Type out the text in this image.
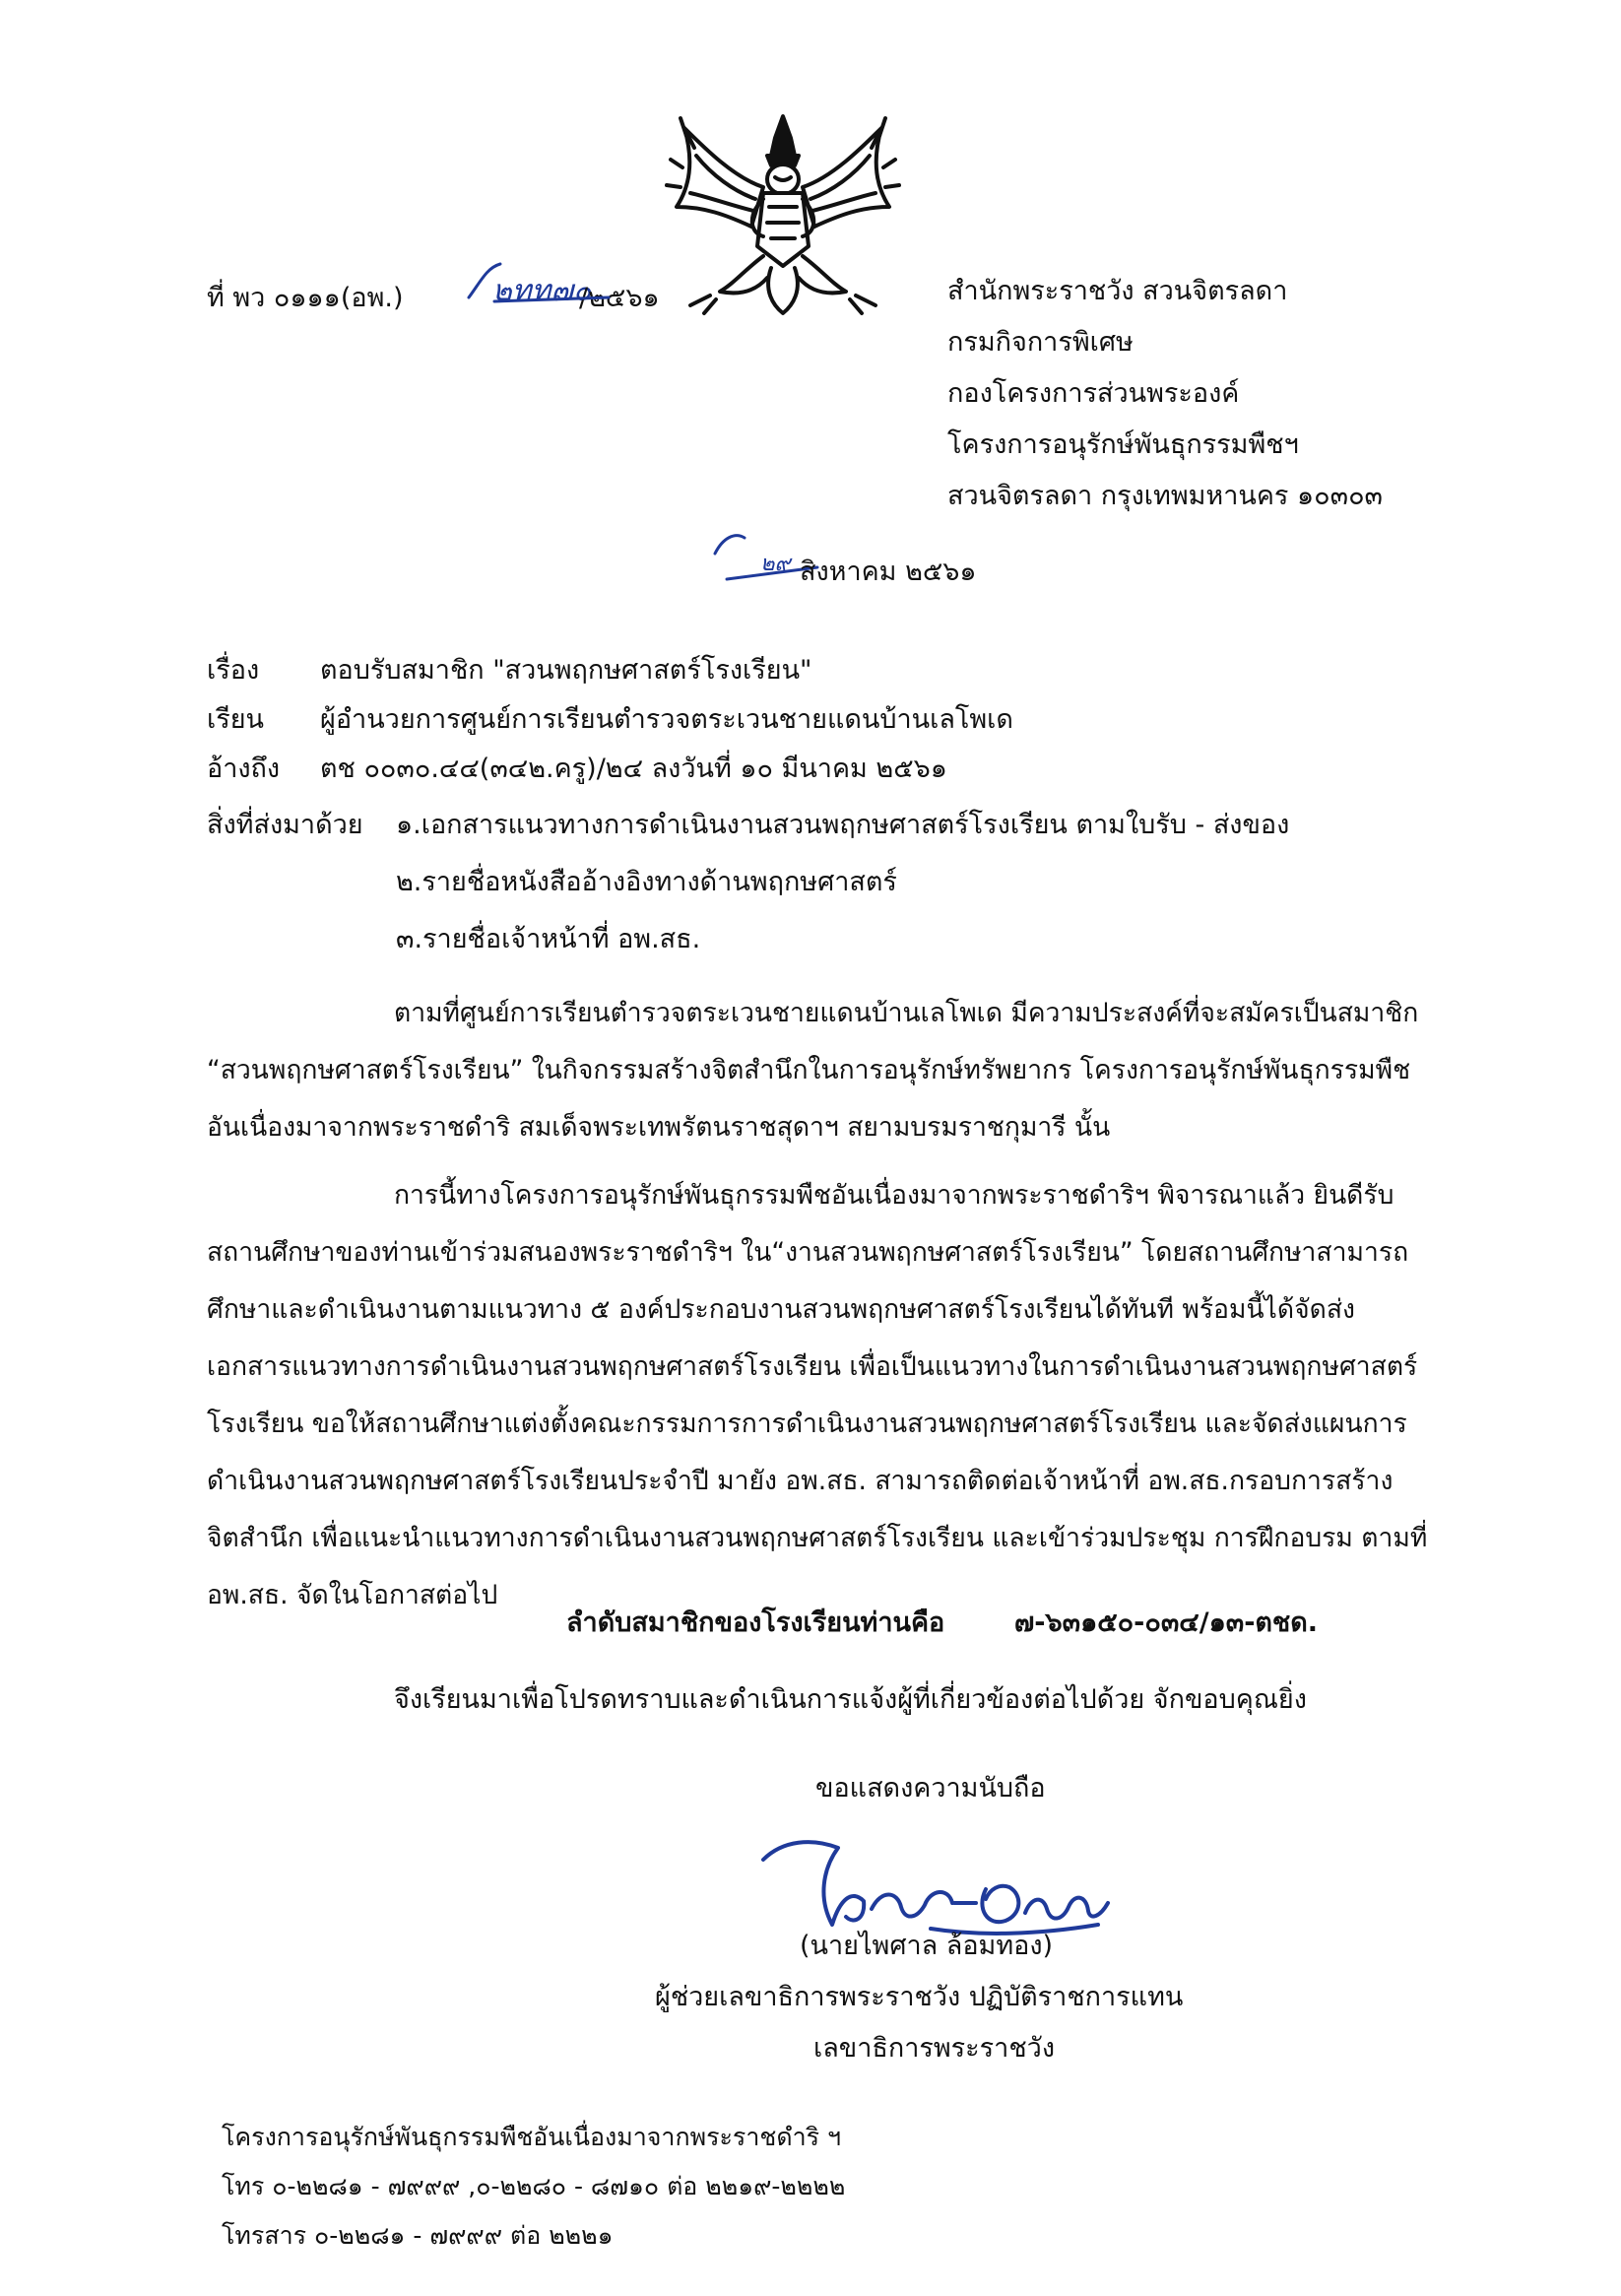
ที่ พว ๐๑๑๑(อพ.)	๒ทท๗๐
/๒๕๖๑	สำนักพระราชวัง สวนจิตรลดา
กรมกิจการพิเศษ
กองโครงการส่วนพระองค์
โครงการอนุรักษ์พันธุกรรมพืชฯ
สวนจิตรลดา กรุงเทพมหานคร ๑๐๓๐๓
๒๙ สิงหาคม ๒๕๖๑
เรื่อง ตอบรับสมาชิก "สวนพฤกษศาสตร์โรงเรียน"
เรียน ผู้อำนวยการศูนย์การเรียนตำรวจตระเวนชายแดนบ้านเลโพเด
อ้างถึง ตช ๐๐๓๐.๔๔(๓๔๒.ครู)/๒๔ ลงวันที่ ๑๐ มีนาคม ๒๕๖๑
สิ่งที่ส่งมาด้วย ๑.เอกสารแนวทางการดำเนินงานสวนพฤกษศาสตร์โรงเรียน ตามใบรับ - ส่งของ
๒.รายชื่อหนังสืออ้างอิงทางด้านพฤกษศาสตร์
๓.รายชื่อเจ้าหน้าที่ อพ.สธ.
ตามที่ศูนย์การเรียนตำรวจตระเวนชายแดนบ้านเลโพเด มีความประสงค์ที่จะสมัครเป็นสมาชิก
“สวนพฤกษศาสตร์โรงเรียน” ในกิจกรรมสร้างจิตสำนึกในการอนุรักษ์ทรัพยากร โครงการอนุรักษ์พันธุกรรมพืช
อันเนื่องมาจากพระราชดำริ สมเด็จพระเทพรัตนราชสุดาฯ สยามบรมราชกุมารี นั้น
การนี้ทางโครงการอนุรักษ์พันธุกรรมพืชอันเนื่องมาจากพระราชดำริฯ พิจารณาแล้ว ยินดีรับ
สถานศึกษาของท่านเข้าร่วมสนองพระราชดำริฯ ใน“งานสวนพฤกษศาสตร์โรงเรียน” โดยสถานศึกษาสามารถ
ศึกษาและดำเนินงานตามแนวทาง ๕ องค์ประกอบงานสวนพฤกษศาสตร์โรงเรียนได้ทันที พร้อมนี้ได้จัดส่ง
เอกสารแนวทางการดำเนินงานสวนพฤกษศาสตร์โรงเรียน เพื่อเป็นแนวทางในการดำเนินงานสวนพฤกษศาสตร์
โรงเรียน ขอให้สถานศึกษาแต่งตั้งคณะกรรมการการดำเนินงานสวนพฤกษศาสตร์โรงเรียน และจัดส่งแผนการ
ดำเนินงานสวนพฤกษศาสตร์โรงเรียนประจำปี มายัง อพ.สธ. สามารถติดต่อเจ้าหน้าที่ อพ.สธ.กรอบการสร้าง
จิตสำนึก เพื่อแนะนำแนวทางการดำเนินงานสวนพฤกษศาสตร์โรงเรียน และเข้าร่วมประชุม การฝึกอบรม ตามที่
อพ.สธ. จัดในโอกาสต่อไป
ลำดับสมาชิกของโรงเรียนท่านคือ	๗-๖๓๑๕๐-๐๓๔/๑๓-ตชด.
จึงเรียนมาเพื่อโปรดทราบและดำเนินการแจ้งผู้ที่เกี่ยวข้องต่อไปด้วย จักขอบคุณยิ่ง
ขอแสดงความนับถือ
(นายไพศาล ล้อมทอง)
ผู้ช่วยเลขาธิการพระราชวัง ปฏิบัติราชการแทน
เลขาธิการพระราชวัง
โครงการอนุรักษ์พันธุกรรมพืชอันเนื่องมาจากพระราชดำริ ฯ
โทร ๐-๒๒๘๑ - ๗๙๙๙ ,๐-๒๒๘๐ - ๘๗๑๐ ต่อ ๒๒๑๙-๒๒๒๒
โทรสาร ๐-๒๒๘๑ - ๗๙๙๙ ต่อ ๒๒๒๑
